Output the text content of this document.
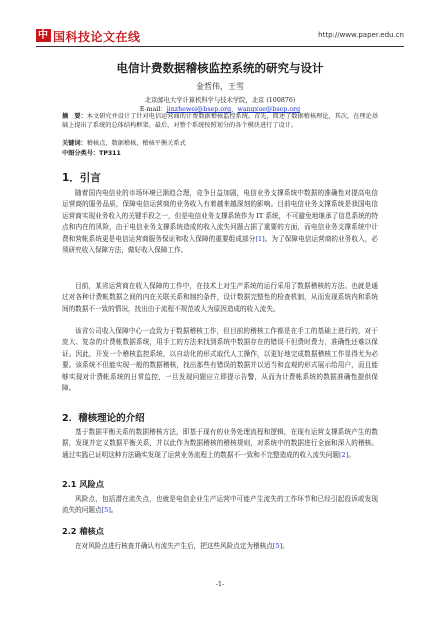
中 国科技论文在线	http://www.paper.edu.cn
电信计费数据稽核监控系统的研究与设计
金哲伟，王雪
北京邮电大学计算机科学与技术学院，北京 (100876)
E-mail：jinzhewei@bsep.org，wangxue@bsep.org
摘　要：本文研究并设计了针对电信运营商的计费数据稽核监控系统。首先，简述了数据稽核理论，其次，在理论基础上提出了系统的总体结构框架。最后，对整个系统按照划分的各个模块进行了设计。
关键词：稽核点，数据稽核，稽核平衡关系式
中图分类号：TP311
1．引言
随着国内电信业的市场环境已渐趋合理，竞争日益加剧，电信业务支撑系统中数据的准确性对提高电信运营商的服务品质，保障电信运营商的业务收入有着越来越深刻的影响。目前电信业务支撑系统是我国电信运营商实现业务收入的关键手段之一，但是电信业务支撑系统作为 IT 系统，不可避免地继承了信息系统的特点和内在的风险，由于电信业务支撑系统造成的收入流失问题占据了重要的方面，而电信业务支撑系统中计费和营帐系统更是电信运营商服务保证和收入保障的重要组成部分[1]。为了保障电信运营商的业务收入，必须研究收入保障方法，做好收入保障工作。
目前，某省运营商在收入保障的工作中，在技术上对生产系统的运行采用了数据稽核的方法。也就是通过对各种计费帐数据之间的内在关联关系和制约条件，设计数据完整性的检查机制，从而发现系统内和系统间的数据不一致的情况，找出由于流程不规范或人为原因造成的收入流失。
该省公司收入保障中心一直致力于数据稽核工作，但目前的稽核工作都是在手工的基础上进行的，对于庞大、复杂的计费帐数据系统，用手工的方法来找到系统中数据存在的错误不但费时费力，准确性还难以保证。因此，开发一个稽核监控系统，以自动化的形式取代人工操作，以更好地完成数据稽核工作显得尤为必要。该系统不但能实现一般的数据稽核，找出那些有错误的数据并以适当和直观的形式展示给用户，而且能够实现对计费帐系统的日常监控，一旦发现问题应立即提示告警，从而为计费帐系统的数据准确性提供保障。
2．稽核理论的介绍
基于数据平衡关系的数据稽核方法，即基于现有的业务处理流程和逻辑，在现有运营支撑系统产生的数据，发现并定义数据平衡关系，并以此作为数据稽核的稽核规则，对系统中的数据进行全面和深入的稽核。通过实践已证明这种方法确实发现了运营业务流程上的数据不一致和不完整造成的收入流失问题[2]。
2.1 风险点
风险点，包括潜在流失点，也就是电信企业生产运营中可能产生流失的工作环节和已经引起投诉或发现流失的问题点[5]。
2.2 稽核点
在对风险点进行核查并确认有流失产生后，把这些风险点定为稽核点[5]。
-1-
